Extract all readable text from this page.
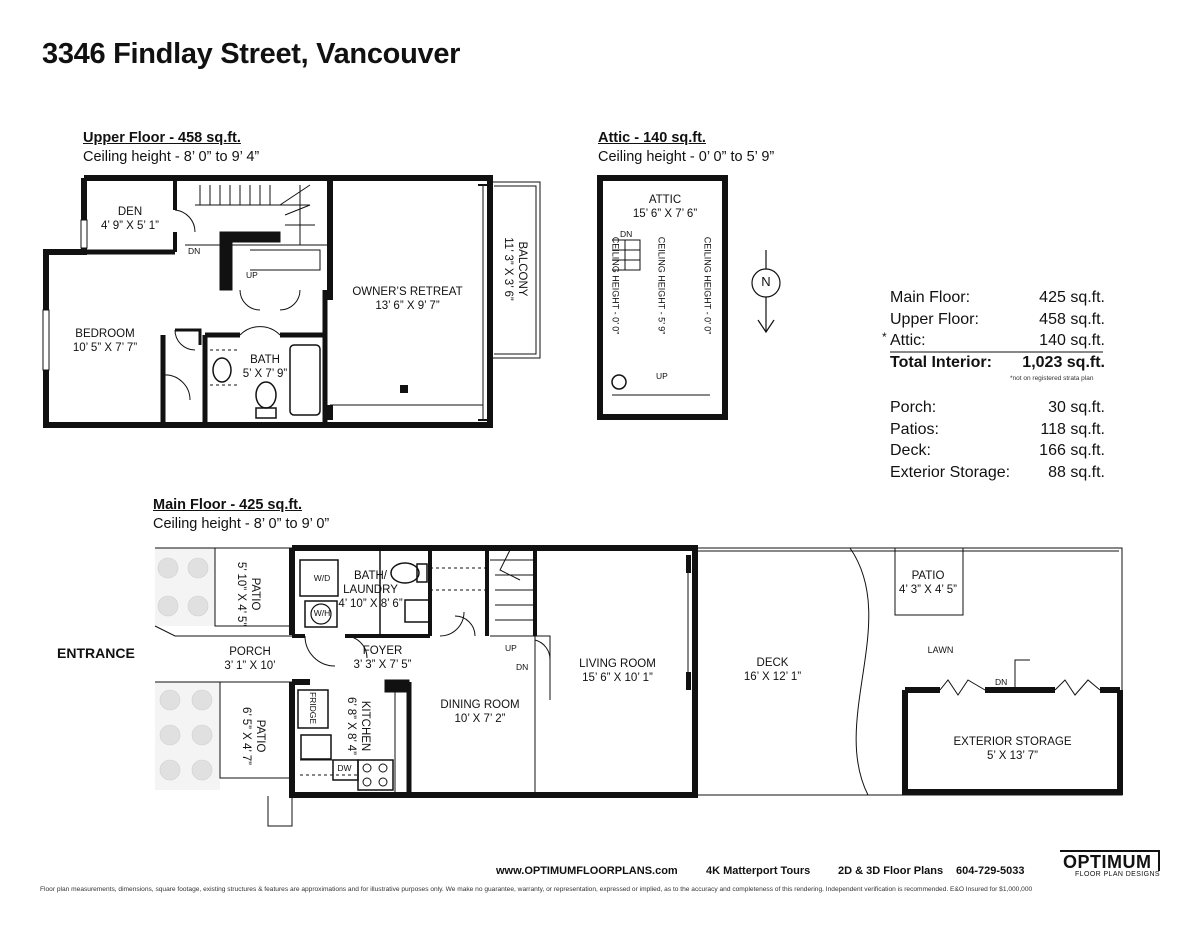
3346 Findlay Street, Vancouver
Upper Floor - 458 sq.ft.
Ceiling height - 8’ 0” to 9’ 4”
Attic - 140 sq.ft.
Ceiling height - 0’ 0” to 5’ 9”
Main Floor - 425 sq.ft.
Ceiling height - 8’ 0” to 9’ 0”
DEN
4’ 9” X 5’ 1”
DN
UP
BEDROOM
10’ 5” X 7’ 7”
BATH
5’ X 7’ 9”
OWNER’S RETREAT
13’ 6” X 9’ 7”
BALCONY
11’ 3” X 3’ 6”
ATTIC
15’ 6” X 7’ 6”
DN
UP
CEILING HEIGHT - 0’ 0”	CEILING HEIGHT - 5’ 9”	CEILING HEIGHT - 0’ 0”	N
Main Floor:	425 sq.ft.
Upper Floor:	458 sq.ft.
Attic:	140 sq.ft.
Total Interior: 1,023 sq.ft.
*
*not on registered strata plan
Porch:	30 sq.ft.
Patios:	118 sq.ft.
Deck:	166 sq.ft.
Exterior Storage: 88 sq.ft.
ENTRANCE
PATIO
5’ 10” X 4’ 5”
PATIO
6’ 5” X 4’ 7”
PORCH
3’ 1” X 10’
BATH/
LAUNDRY
4’ 10” X 8’ 6”
W/D
W/H
FOYER
3’ 3” X 7’ 5”
FRIDGE
DW
KITCHEN
6’ 8” X 8’ 4”	DINING ROOM
10’ X 7’ 2”
UP
DN	LIVING ROOM
15’ 6” X 10’ 1”
DECK
16’ X 12’ 1”
PATIO
4’ 3” X 4’ 5”
LAWN
DN
EXTERIOR STORAGE
5’ X 13’ 7”
www.OPTIMUMFLOORPLANS.com	4K Matterport Tours	2D & 3D Floor Plans 604-729-5033 OPTIMUM
FLOOR PLAN DESIGNS
Floor plan measurements, dimensions, square footage, existing structures & features are approximations and for illustrative purposes only. We make no guarantee, warranty, or representation, expressed or implied, as to the accuracy and completeness of this rendering. Independent verification is recommended. E&O Insured for $1,000,000
